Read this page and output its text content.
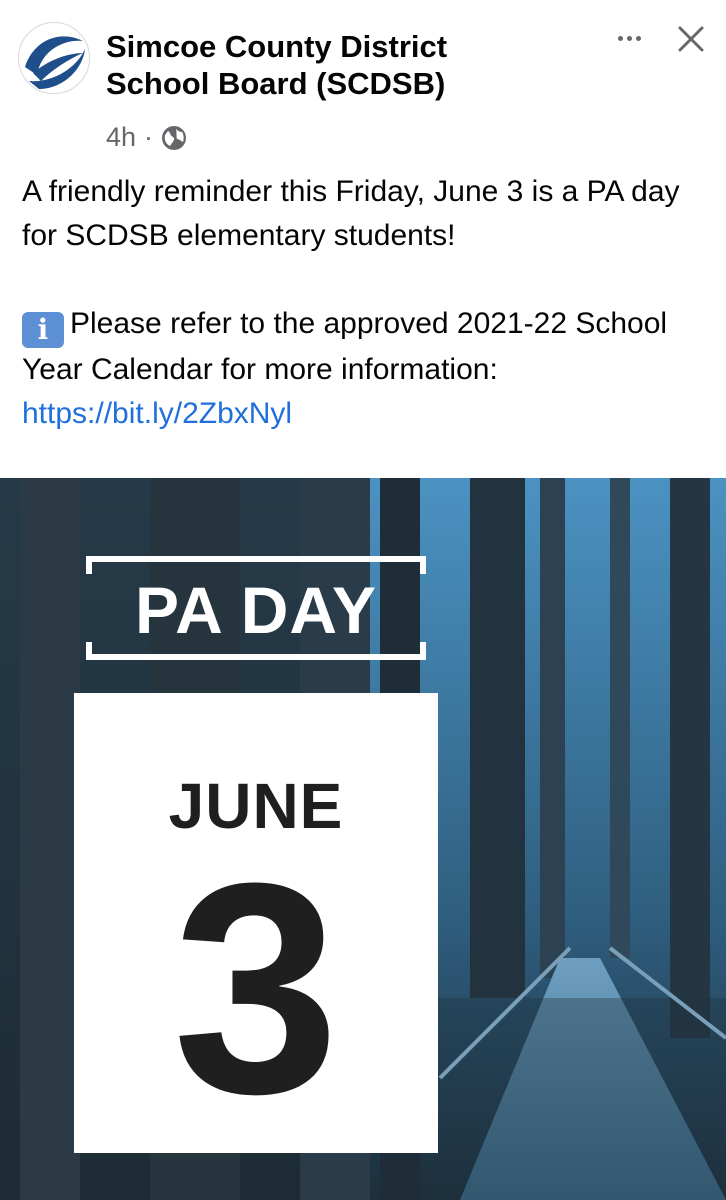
Simcoe County District School Board (SCDSB)
4h ·

A friendly reminder this Friday, June 3 is a PA day for SCDSB elementary students!

i Please refer to the approved 2021-22 School Year Calendar for more information:
https://bit.ly/2ZbxNyl

PA DAY
JUNE
3
